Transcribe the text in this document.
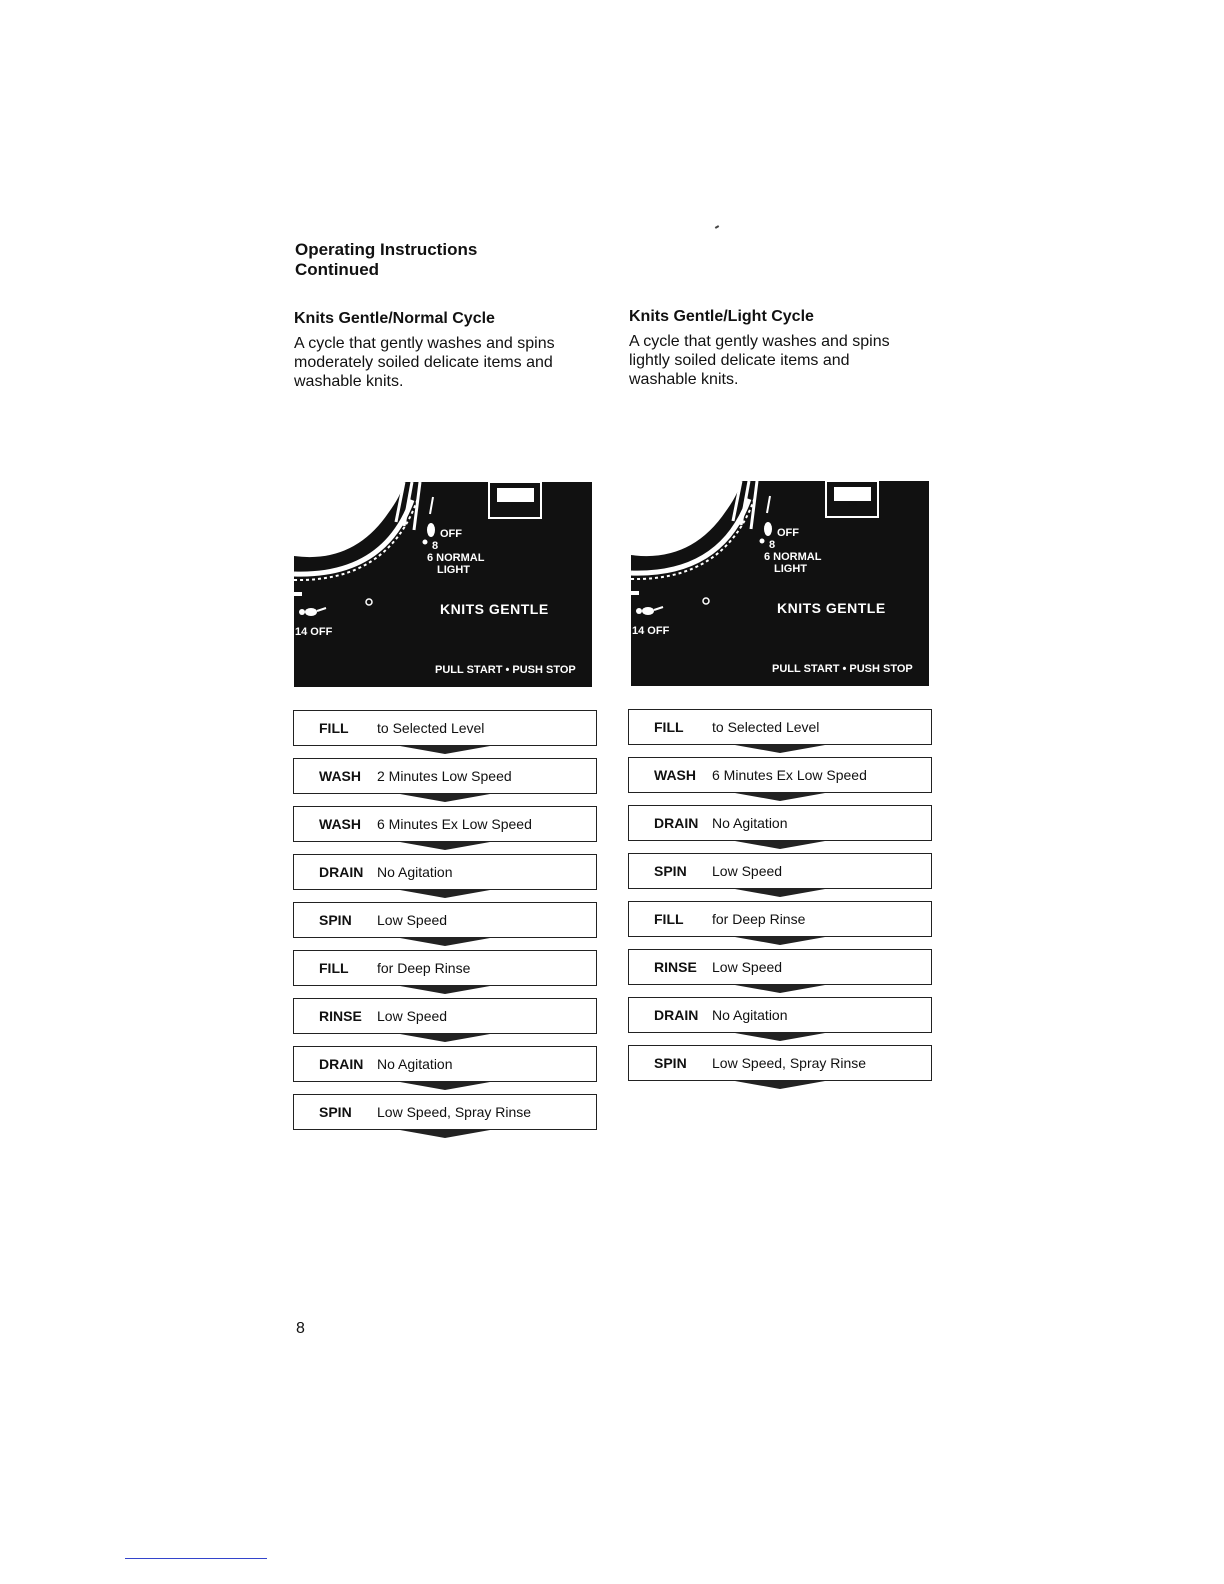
Operating Instructions
Continued

Knits Gentle/Normal Cycle

A cycle that gently washes and spins moderately soiled delicate items and washable knits.

Knits Gentle/Light Cycle

A cycle that gently washes and spins lightly soiled delicate items and washable knits.

OFF
8
6 NORMAL
LIGHT
KNITS GENTLE
14 OFF
PULL START • PUSH STOP
ON
OFF
8
6 NORMAL
LIGHT
KNITS GENTLE
14 OFF
PULL START • PUSH STOP
ON
FILL	to Selected Level
WASH	2 Minutes Low Speed
WASH	6 Minutes Ex Low Speed
DRAIN No Agitation
SPIN	Low Speed
FILL	for Deep Rinse
RINSE	Low Speed
DRAIN No Agitation
SPIN	Low Speed, Spray Rinse
FILL	to Selected Level
WASH	6 Minutes Ex Low Speed
DRAIN No Agitation
SPIN	Low Speed
FILL	for Deep Rinse
RINSE	Low Speed
DRAIN No Agitation
SPIN	Low Speed, Spray Rinse
8
